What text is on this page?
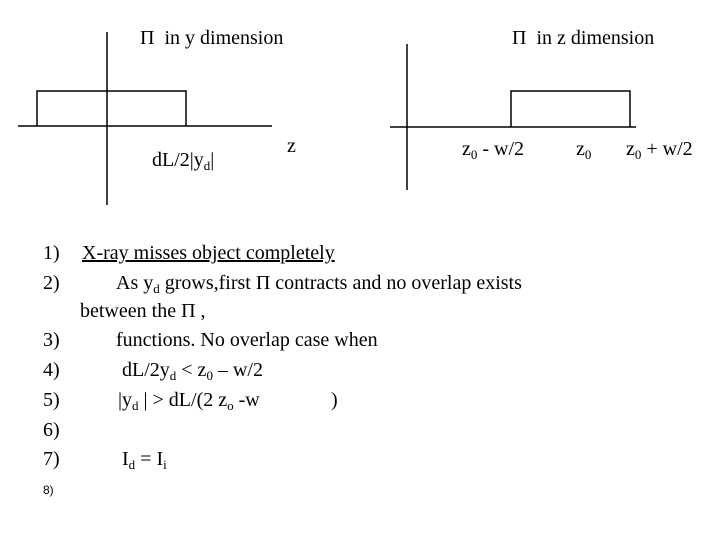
Π in y dimension
$dL/2|y_d|$
z
Π in z dimension
$z_0 - w/2$	$z_0$ $z_0 + w/2$
1)
2)
3)
4)
5)
6)
7)
8)
X-ray misses object completely
As $y_d$ grows,first Π contracts and no overlap exists
between the Π ,
functions. No overlap case when
$dL/2y_d < z_0 - w/2$
$|y_d$ | > dL/(2 $z_o$ -w	)
$I_d = I_i$
